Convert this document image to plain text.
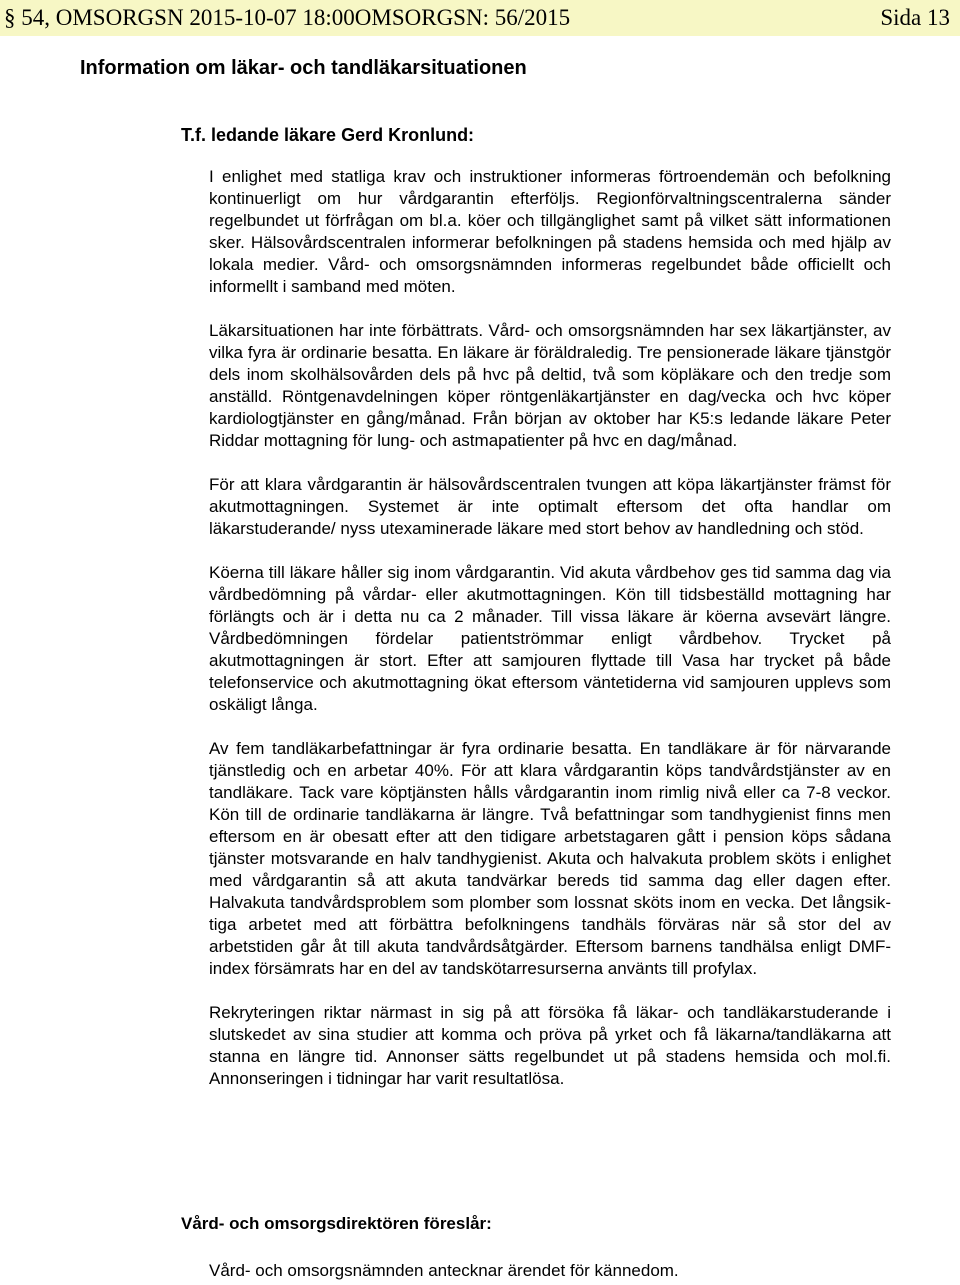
§ 54, OMSORGSN 2015-10-07 18:00OMSORGSN: 56/2015	Sida 13
Information om läkar- och tandläkarsituationen
T.f. ledande läkare Gerd Kronlund:

I enlighet med statliga krav och instruktioner informeras förtroendemän och befolkning kontinuerligt om hur vårdgarantin efterföljs. Regionförvaltningscentralerna sänder regelbundet ut förfrågan om bl.a. köer och tillgänglighet samt på vilket sätt informationen sker. Hälsovårdscentralen informerar befolkningen på stadens hemsida och med hjälp av lokala medier. Vård- och omsorgsnämnden informeras regelbundet både officiellt och informellt i samband med möten.

Läkarsituationen har inte förbättrats. Vård- och omsorgsnämnden har sex läkartjänster, av vilka fyra är ordinarie besatta. En läkare är föräldraledig. Tre pensionerade läkare tjänstgör dels inom skolhälsovården dels på hvc på deltid, två som köpläkare och den tredje som anställd. Röntgenavdelningen köper röntgenläkartjänster en dag/vecka och hvc köper kardiologtjänster en gång/månad. Från början av oktober har K5:s ledande läkare Peter Riddar mottagning för lung- och astmapatienter på hvc en dag/månad.

För att klara vårdgarantin är hälsovårdscentralen tvungen att köpa läkartjänster främst för akutmottagningen. Systemet är inte optimalt eftersom det ofta handlar om läkarstuderande/ nyss utexaminerade läkare med stort behov av handledning och stöd.

Köerna till läkare håller sig inom vårdgarantin. Vid akuta vårdbehov ges tid samma dag via vårdbedömning på vårdar- eller akutmottagningen. Kön till tidsbeställd mottagning har förlängts och är i detta nu ca 2 månader. Till vissa läkare är köerna avsevärt längre. Vårdbedömningen fördelar patientströmmar enligt vårdbehov. Trycket på akutmottagningen är stort. Efter att samjouren flyttade till Vasa har trycket på både telefonservice och akutmottagning ökat eftersom väntetiderna vid samjouren upplevs som oskäligt långa.

Av fem tandläkarbefattningar är fyra ordinarie besatta. En tandläkare är för närvarande tjänstledig och en arbetar 40%. För att klara vårdgarantin köps tandvårdstjänster av en tandläkare. Tack vare köptjänsten hålls vårdgarantin inom rimlig nivå eller ca 7-8 veckor. Kön till de ordinarie tandläkarna är längre. Två befattningar som tandhygienist finns men eftersom en är obesatt efter att den tidigare arbetstagaren gått i pension köps sådana tjänster motsvarande en halv tandhygienist. Akuta och halvakuta problem sköts i enlighet med vårdgarantin så att akuta tandvärkar bereds tid samma dag eller dagen efter. Halvakuta tandvårdsproblem som plomber som lossnat sköts inom en vecka. Det långsiktiga arbetet med att förbättra befolkningens tandhäls förväras när så stor del av arbetstiden går åt till akuta tandvårdsåtgärder. Eftersom barnens tandhälsa enligt DMF-index försämrats har en del av tandskötarresurserna använts till profylax.

Rekryteringen riktar närmast in sig på att försöka få läkar- och tandläkarstuderande i slutskedet av sina studier att komma och pröva på yrket och få läkarna/tandläkarna att stanna en längre tid. Annonser sätts regelbundet ut på stadens hemsida och mol.fi. Annonseringen i tidningar har varit resultatlösa.

Vård- och omsorgsdirektören föreslår:
Vård- och omsorgsnämnden antecknar ärendet för kännedom.
